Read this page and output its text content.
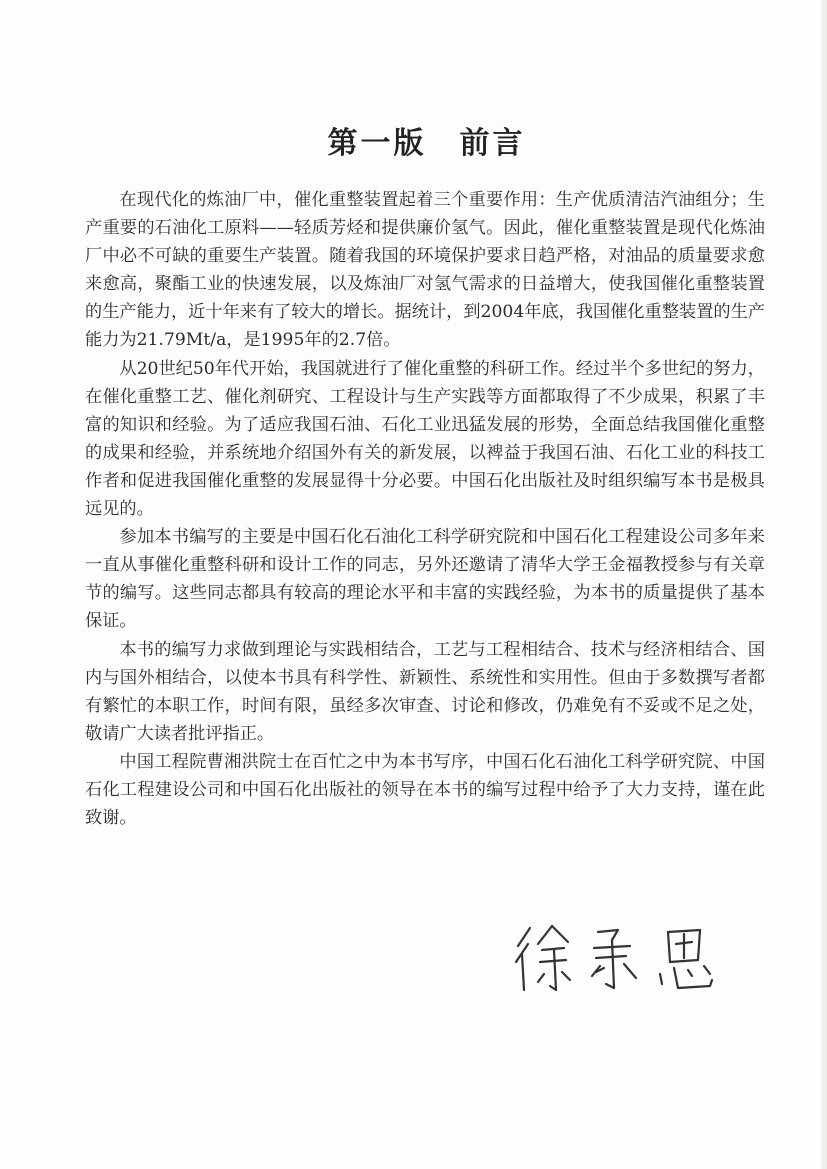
第一版　前言

在现代化的炼油厂中，催化重整装置起着三个重要作用：生产优质清洁汽油组分；生产重要的石油化工原料——轻质芳烃和提供廉价氢气。因此，催化重整装置是现代化炼油厂中必不可缺的重要生产装置。随着我国的环境保护要求日趋严格，对油品的质量要求愈来愈高，聚酯工业的快速发展，以及炼油厂对氢气需求的日益增大，使我国催化重整装置的生产能力，近十年来有了较大的增长。据统计，到2004年底，我国催化重整装置的生产能力为21.79Mt/a，是1995年的2.7倍。

从20世纪50年代开始，我国就进行了催化重整的科研工作。经过半个多世纪的努力，在催化重整工艺、催化剂研究、工程设计与生产实践等方面都取得了不少成果，积累了丰富的知识和经验。为了适应我国石油、石化工业迅猛发展的形势，全面总结我国催化重整的成果和经验，并系统地介绍国外有关的新发展，以裨益于我国石油、石化工业的科技工作者和促进我国催化重整的发展显得十分必要。中国石化出版社及时组织编写本书是极具远见的。

参加本书编写的主要是中国石化石油化工科学研究院和中国石化工程建设公司多年来一直从事催化重整科研和设计工作的同志，另外还邀请了清华大学王金福教授参与有关章节的编写。这些同志都具有较高的理论水平和丰富的实践经验，为本书的质量提供了基本保证。

本书的编写力求做到理论与实践相结合，工艺与工程相结合、技术与经济相结合、国内与国外相结合，以使本书具有科学性、新颖性、系统性和实用性。但由于多数撰写者都有繁忙的本职工作，时间有限，虽经多次审查、讨论和修改，仍难免有不妥或不足之处，敬请广大读者批评指正。

中国工程院曹湘洪院士在百忙之中为本书写序，中国石化石油化工科学研究院、中国石化工程建设公司和中国石化出版社的领导在本书的编写过程中给予了大力支持，谨在此致谢。
